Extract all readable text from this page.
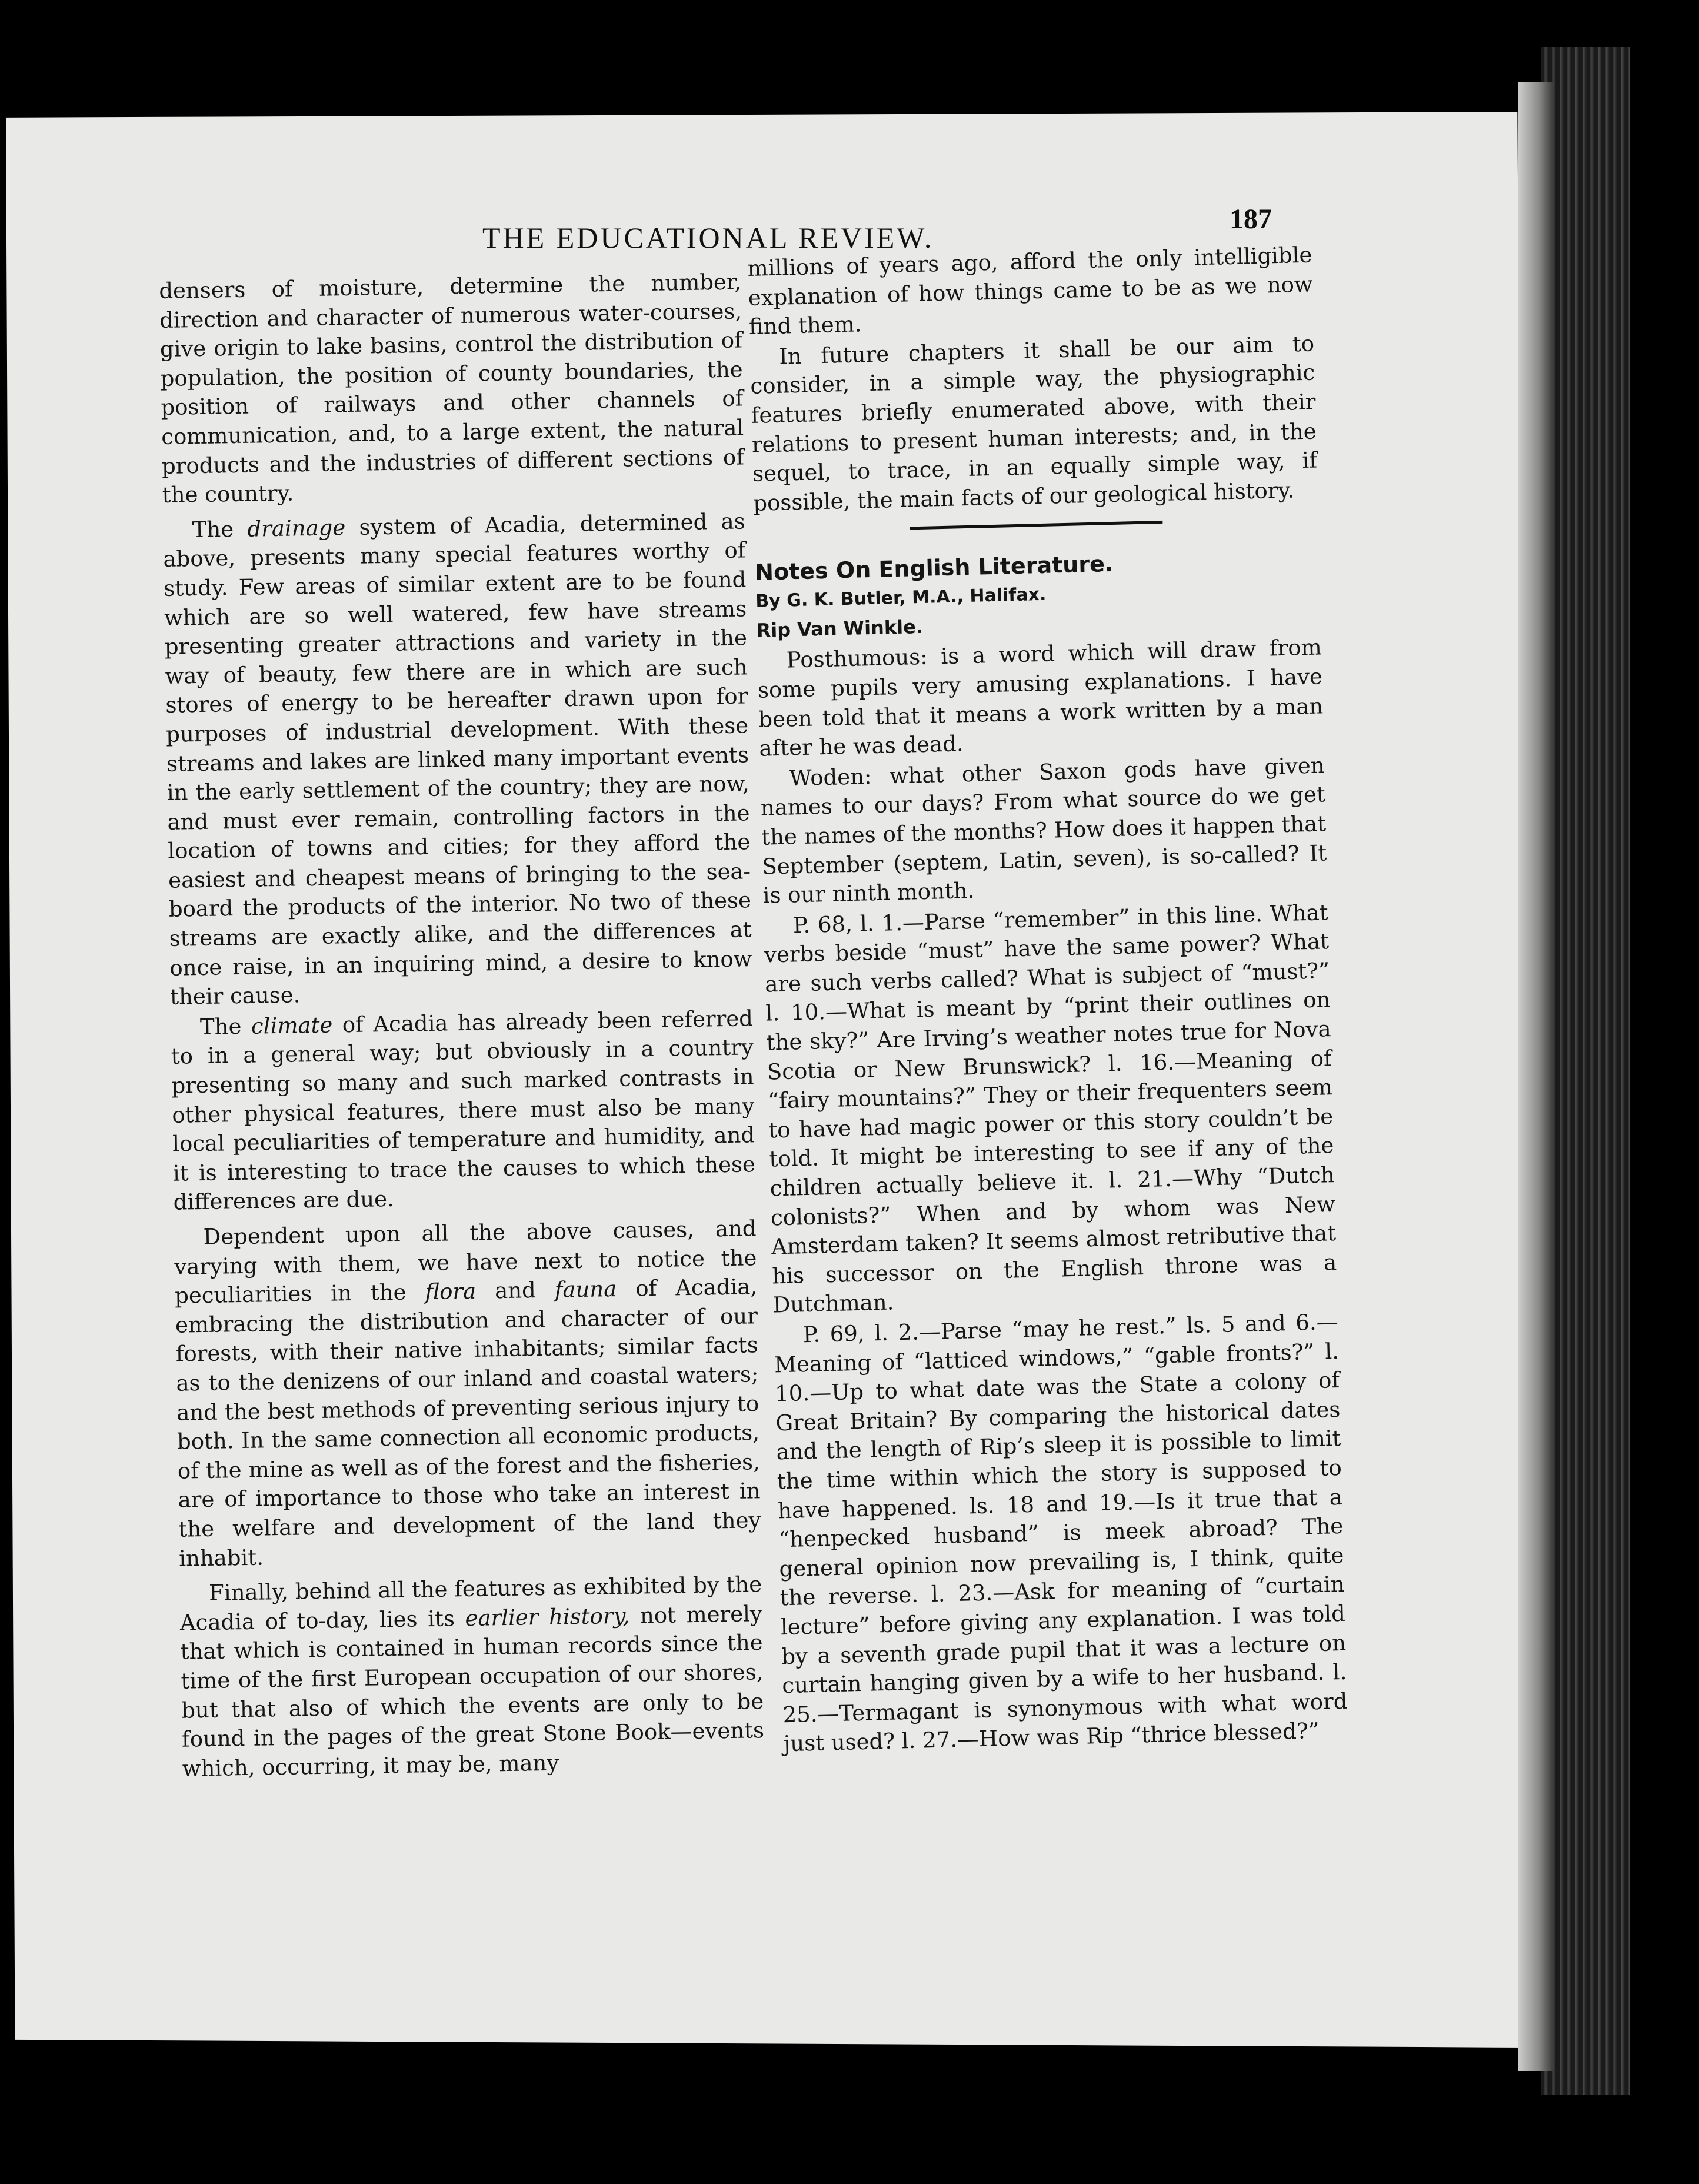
THE EDUCATIONAL REVIEW.
187

densers of moisture, determine the number, direction and character of numerous water-courses, give origin to lake basins, control the distribution of population, the position of county boundaries, the position of railways and other channels of communication, and, to a large extent, the natural products and the industries of different sections of the country.

The drainage system of Acadia, determined as above, presents many special features worthy of study. Few areas of similar extent are to be found which are so well watered, few have streams presenting greater attractions and variety in the way of beauty, few there are in which are such stores of energy to be hereafter drawn upon for purposes of industrial development. With these streams and lakes are linked many important events in the early settlement of the country; they are now, and must ever remain, controlling factors in the location of towns and cities; for they afford the easiest and cheapest means of bringing to the sea-board the products of the interior. No two of these streams are exactly alike, and the differences at once raise, in an inquiring mind, a desire to know their cause.

The climate of Acadia has already been referred to in a general way; but obviously in a country presenting so many and such marked contrasts in other physical features, there must also be many local peculiarities of temperature and humidity, and it is interesting to trace the causes to which these differences are due.

Dependent upon all the above causes, and varying with them, we have next to notice the peculiarities in the flora and fauna of Acadia, embracing the distribution and character of our forests, with their native inhabitants; similar facts as to the denizens of our inland and coastal waters; and the best methods of preventing serious injury to both. In the same connection all economic products, of the mine as well as of the forest and the fisheries, are of importance to those who take an interest in the welfare and development of the land they inhabit.

Finally, behind all the features as exhibited by the Acadia of to-day, lies its earlier history, not merely that which is contained in human records since the time of the first European occupation of our shores, but that also of which the events are only to be found in the pages of the great Stone Book—events which, occurring, it may be, many

millions of years ago, afford the only intelligible explanation of how things came to be as we now find them.

In future chapters it shall be our aim to consider, in a simple way, the physiographic features briefly enumerated above, with their relations to present human interests; and, in the sequel, to trace, in an equally simple way, if possible, the main facts of our geological history.

Notes On English Literature.

By G. K. Butler, M.A., Halifax.

Rip Van Winkle.

Posthumous: is a word which will draw from some pupils very amusing explanations. I have been told that it means a work written by a man after he was dead.

Woden: what other Saxon gods have given names to our days? From what source do we get the names of the months? How does it happen that September (septem, Latin, seven), is so-called? It is our ninth month.

P. 68, l. 1.—Parse “remember” in this line. What verbs beside “must” have the same power? What are such verbs called? What is subject of “must?” l. 10.—What is meant by “print their outlines on the sky?” Are Irving’s weather notes true for Nova Scotia or New Brunswick? l. 16.—Meaning of “fairy mountains?” They or their frequenters seem to have had magic power or this story couldn’t be told. It might be interesting to see if any of the children actually believe it. l. 21.—Why “Dutch colonists?” When and by whom was New Amsterdam taken? It seems almost retributive that his successor on the English throne was a Dutchman.

P. 69, l. 2.—Parse “may he rest.” ls. 5 and 6.—Meaning of “latticed windows,” “gable fronts?” l. 10.—Up to what date was the State a colony of Great Britain? By comparing the historical dates and the length of Rip’s sleep it is possible to limit the time within which the story is supposed to have happened. ls. 18 and 19.—Is it true that a “henpecked husband” is meek abroad? The general opinion now prevailing is, I think, quite the reverse. l. 23.—Ask for meaning of “curtain lecture” before giving any explanation. I was told by a seventh grade pupil that it was a lecture on curtain hanging given by a wife to her husband. l. 25.—Termagant is synonymous with what word just used? l. 27.—How was Rip “thrice blessed?”
